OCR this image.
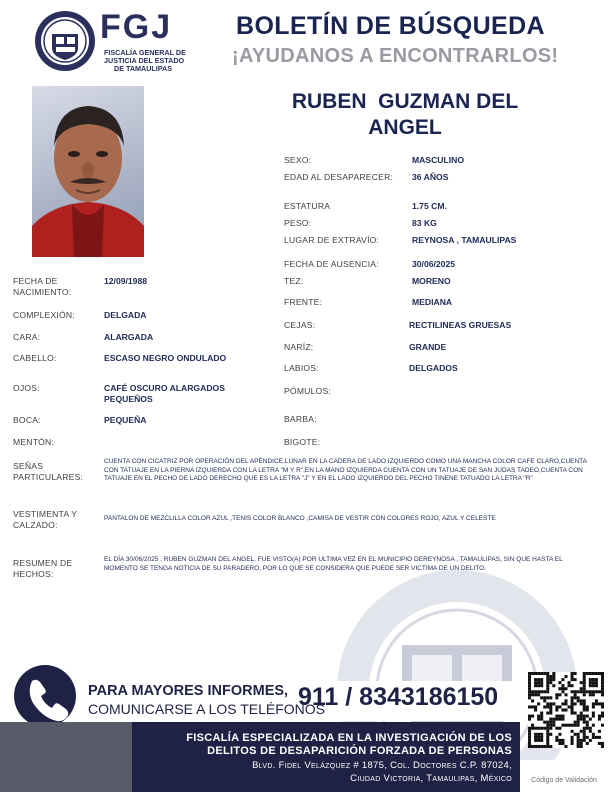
FGJ
FISCALÍA GENERAL DE
JUSTICIA DEL ESTADO
DE TAMAULIPAS
BOLETÍN DE BÚSQUEDA
¡AYUDANOS A ENCONTRARLOS!
RUBEN  GUZMAN DEL
ANGEL
SEXO:	MASCULINO
EDAD AL DESAPARECER: 36 AÑOS
ESTATURA	1.75 CM.
PESO:	83 KG
LUGAR DE EXTRAVÍO:	REYNOSA , TAMAULIPAS
FECHA DE AUSENCIA:	30/06/2025
TEZ:	MORENO
FRENTE:	MEDIANA
CEJAS:	RECTILINEAS GRUESAS
NARÍZ:	GRANDE
LABIOS:	DELGADOS
PÓMULOS:
BARBA:
BIGOTE:
FECHA DE
NACIMIENTO:
12/09/1988
COMPLEXIÓN:	DELGADA
CARA:	ALARGADA
CABELLO:	ESCASO NEGRO ONDULADO
OJOS:	CAFÉ OSCURO ALARGADOS
PEQUEÑOS
BOCA:	PEQUEÑA
MENTÓN:
SEÑAS
PARTICULARES:
CUENTA CON CICATRIZ POR OPERACIÓN DEL APÉNDICE,LUNAR EN LA CADERA DE LADO IZQUIERDO COMO UNA MANCHA COLOR CAFE CLARO,CUENTA CON TATUAJE EN LA PIERNA IZQUIERDA CON LA LETRA "M Y R",EN LA MANO IZQUIERDA CUENTA CON UN TATUAJE DE SAN JUDAS TADEO,CUENTA CON TATUAJE EN EL PECHO DE LADO DERECHO QUE ES LA LETRA "J" Y EN EL LADO IZQUIERDO DEL PECHO TINENE TATUADO LA LETRA "R"
VESTIMENTA Y
CALZADO:
PANTALON DE MEZCLILLA COLOR AZUL ,TENIS COLOR BLANCO ,CAMISA DE VESTIR CON COLORES ROJO, AZUL Y CELESTE
RESUMEN DE
HECHOS:
EL DÍA 30/06/2025 , RUBEN GUZMAN DEL ANGEL, FUE VISTO(A) POR ULTIMA VEZ EN EL MUNICIPIO DEREYNOSA , TAMAULIPAS, SIN QUE HASTA EL MOMENTO SE TENGA NOTICIA DE SU PARADERO, POR LO QUE SE CONSIDERA QUE PUEDE SER VICTIMA DE UN DELITO.
PARA MAYORES INFORMES,
COMUNICARSE A LOS TELÉFONOS
911 / 8343186150
FISCALÍA ESPECIALIZADA EN LA INVESTIGACIÓN DE LOS
DELITOS DE DESAPARICIÓN FORZADA DE PERSONAS
Blvd. Fidel Velázquez # 1875, Col. Doctores C.P. 87024,
Ciudad Victoria, Tamaulipas, México	Código de Validación
